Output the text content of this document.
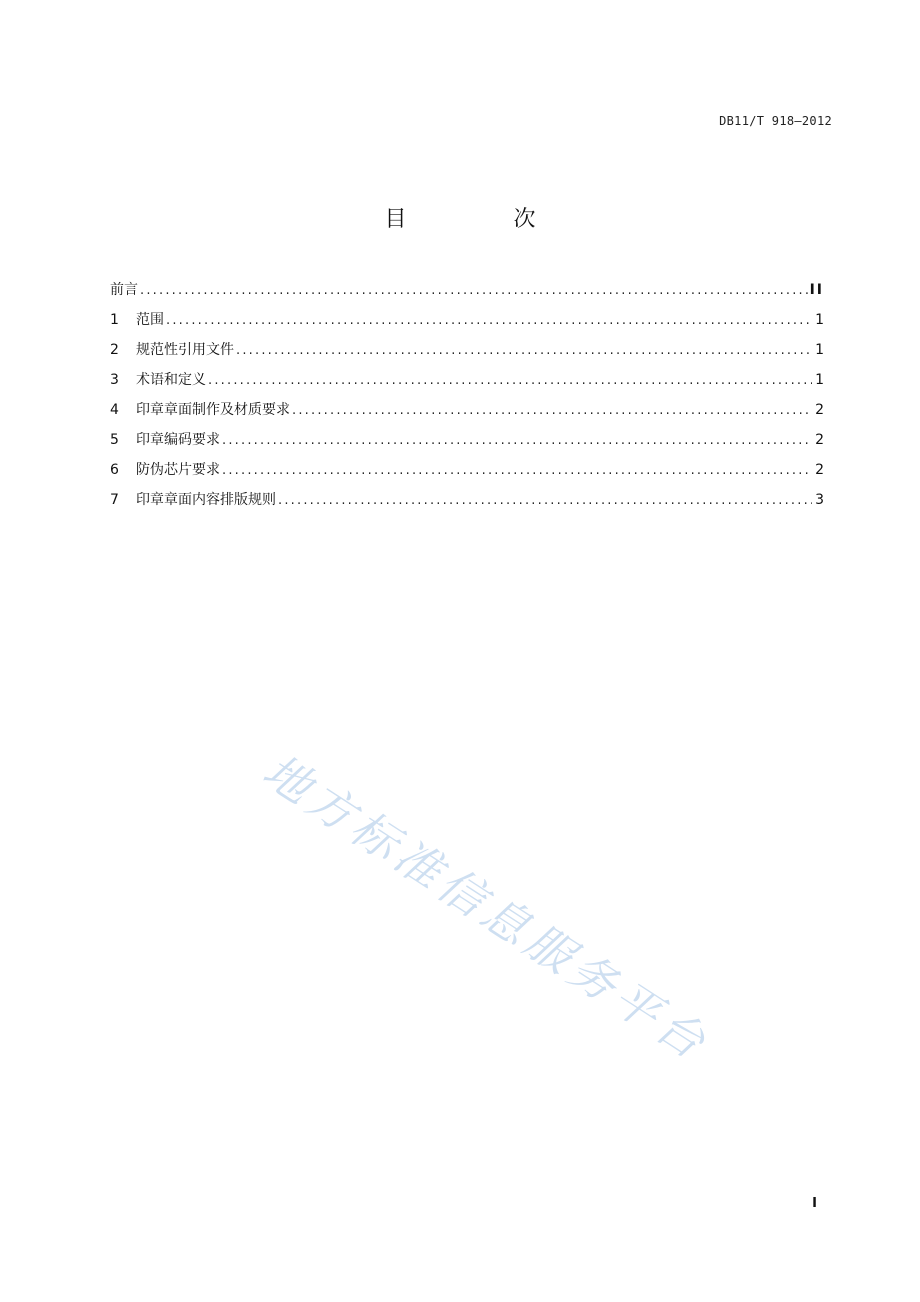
DB11/T 918—2012
目 次
前言 .....	II
1	范围 .....	1
2	规范性引用文件 .....	1
3	术语和定义 .....	1
4	印章章面制作及材质要求 .....	2
5	印章编码要求 .....	2
6	防伪芯片要求 .....	2
7	印章章面内容排版规则 .....	3
地方标准信息服务平台
I
